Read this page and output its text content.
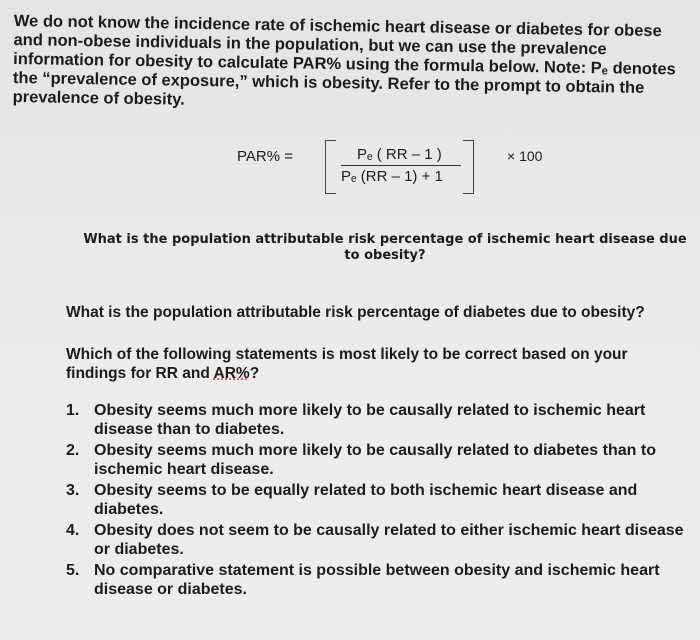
We do not know the incidence rate of ischemic heart disease or diabetes for obese and non-obese individuals in the population, but we can use the prevalence information for obesity to calculate PAR% using the formula below. Note: Pₑ denotes the “prevalence of exposure,” which is obesity. Refer to the prompt to obtain the prevalence of obesity.

PAR% =	Pₑ ( RR – 1 )
Pₑ (RR – 1) + 1
× 100

What is the population attributable risk percentage of ischemic heart disease due to obesity?

What is the population attributable risk percentage of diabetes due to obesity?

Which of the following statements is most likely to be correct based on your findings for RR and AR%?

1. Obesity seems much more likely to be causally related to ischemic heart disease than to diabetes.
2. Obesity seems much more likely to be causally related to diabetes than to ischemic heart disease.
3. Obesity seems to be equally related to both ischemic heart disease and diabetes.
4. Obesity does not seem to be causally related to either ischemic heart disease or diabetes.
5. No comparative statement is possible between obesity and ischemic heart disease or diabetes.
